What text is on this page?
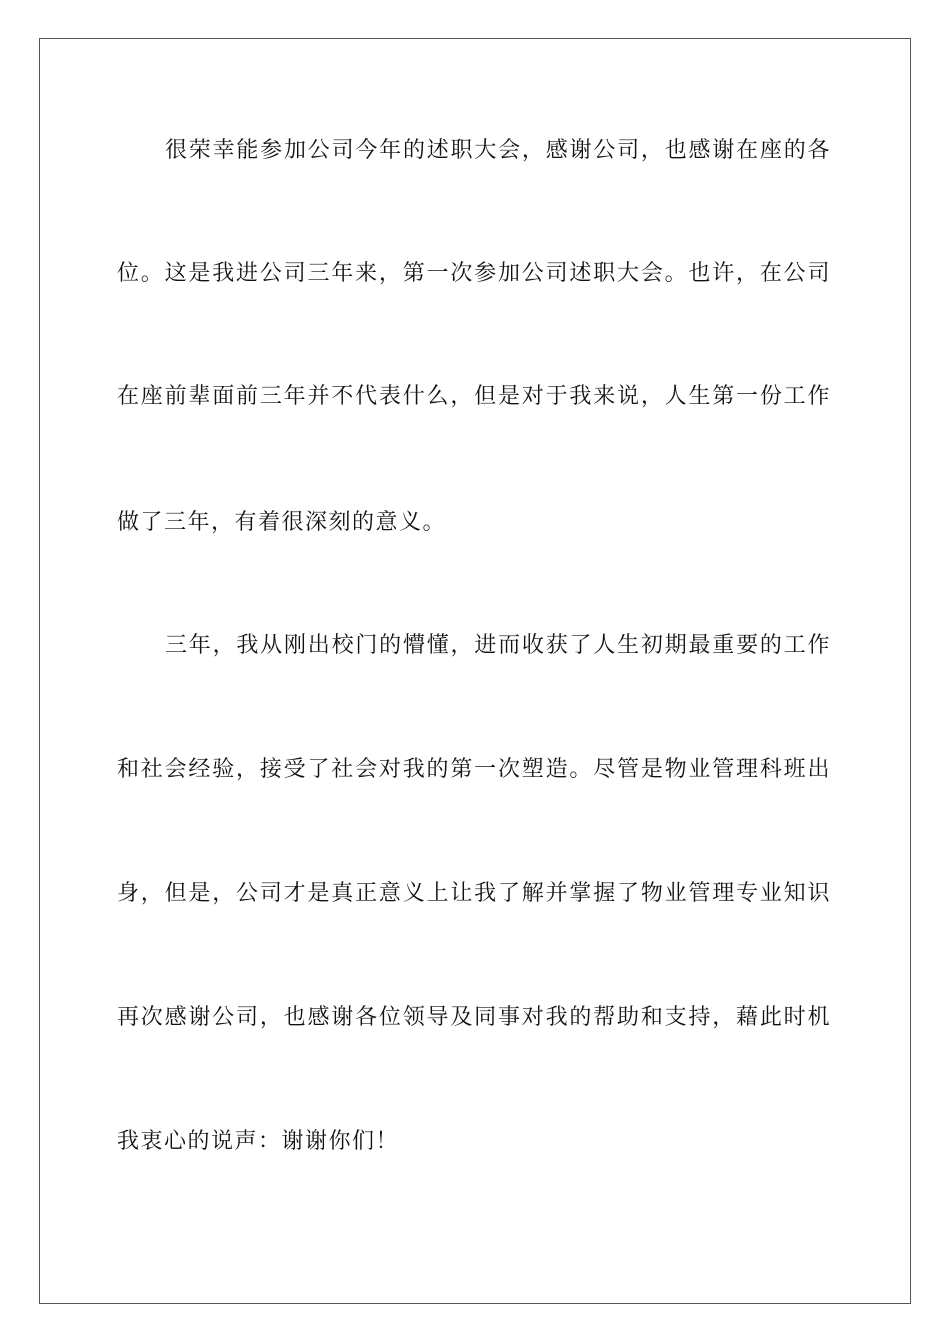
很荣幸能参加公司今年的述职大会，感谢公司，也感谢在座的各
位。这是我进公司三年来，第一次参加公司述职大会。也许，在公司
在座前辈面前三年并不代表什么，但是对于我来说，人生第一份工作
做了三年，有着很深刻的意义。
三年，我从刚出校门的懵懂，进而收获了人生初期最重要的工作
和社会经验，接受了社会对我的第一次塑造。尽管是物业管理科班出
身，但是，公司才是真正意义上让我了解并掌握了物业管理专业知识
再次感谢公司，也感谢各位领导及同事对我的帮助和支持，藉此时机
我衷心的说声：谢谢你们！
